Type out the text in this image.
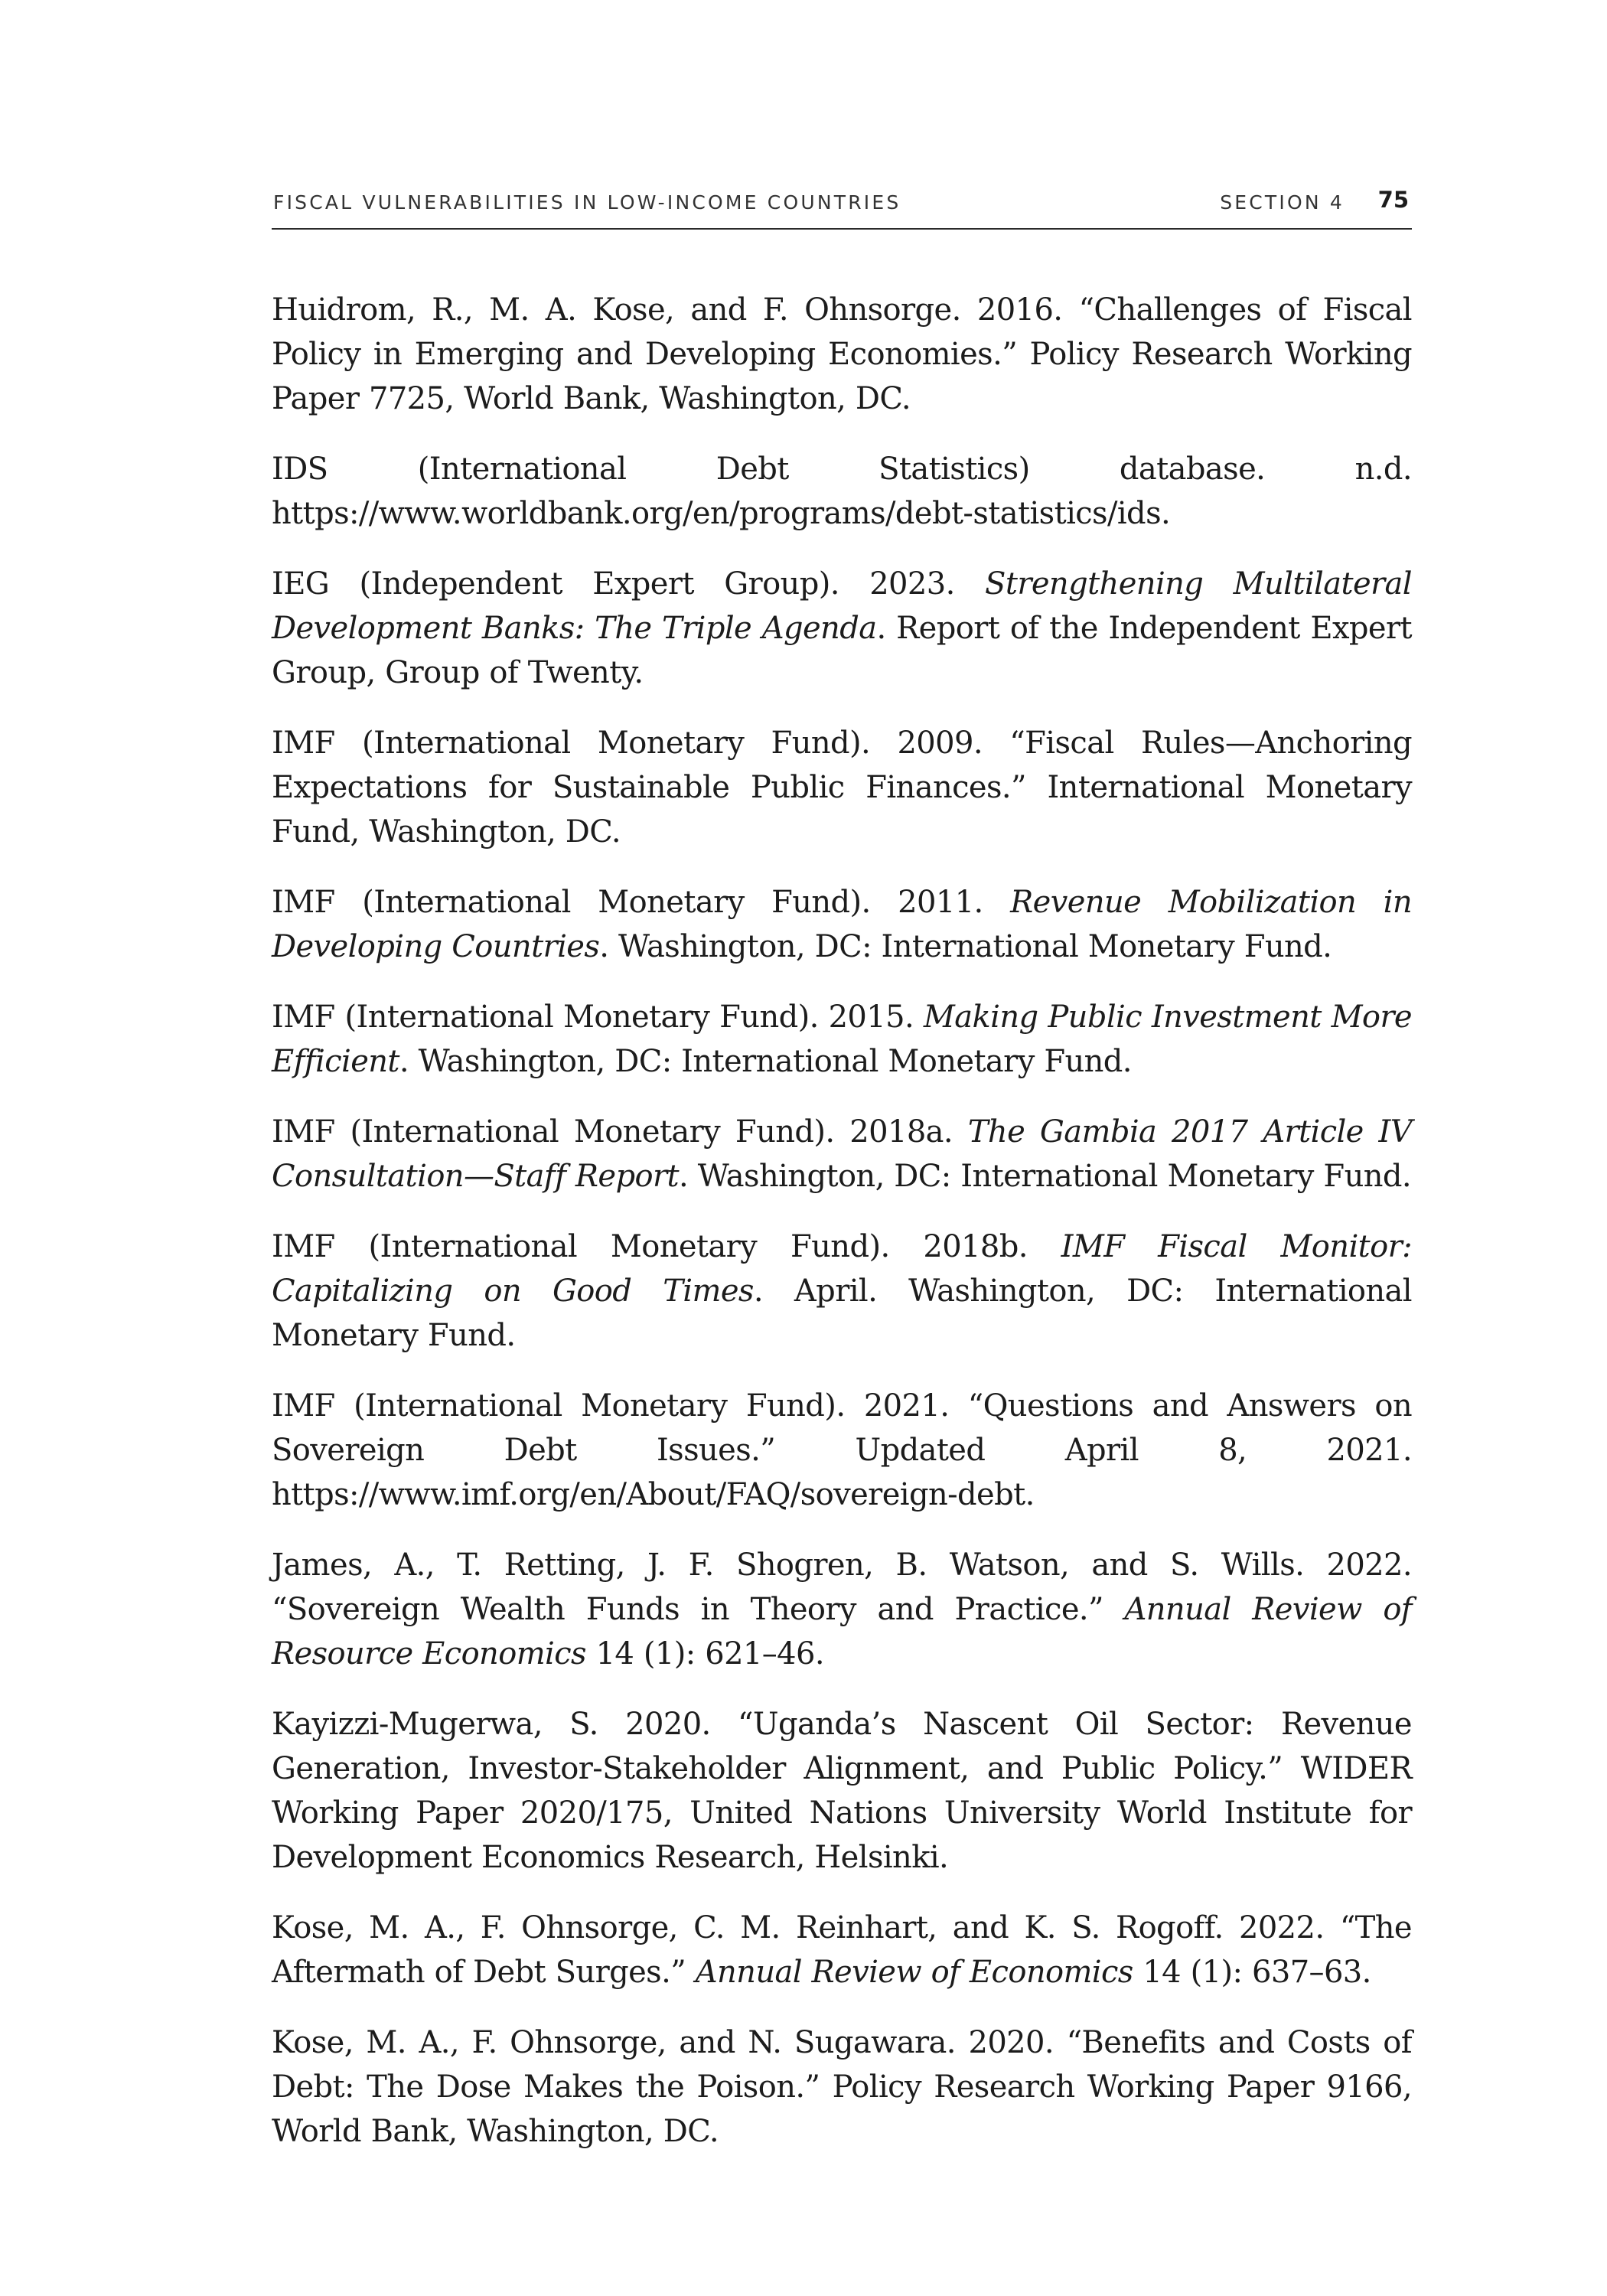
FISCAL VULNERABILITIES IN LOW-INCOME COUNTRIES	SECTION 4 75

Huidrom, R., M. A. Kose, and F. Ohnsorge. 2016. “Challenges of Fiscal Policy in Emerging and Developing Economies.” Policy Research Working Paper 7725, World Bank, Washington, DC.

IDS (International Debt Statistics) database. n.d. https://www.worldbank.org/​en/programs/debt-statistics/ids.

IEG (Independent Expert Group). 2023. Strengthening Multilateral Development Banks: The Triple Agenda. Report of the Independent Expert Group, Group of Twenty.

IMF (International Monetary Fund). 2009. “Fiscal Rules—Anchoring Expectations for Sustainable Public Finances.” International Monetary Fund, Washington, DC.

IMF (International Monetary Fund). 2011. Revenue Mobilization in Developing Countries. Washington, DC: International Monetary Fund.

IMF (International Monetary Fund). 2015. Making Public Investment More Efficient. Washington, DC: International Monetary Fund.

IMF (International Monetary Fund). 2018a. The Gambia 2017 Article IV Consultation—Staff Report. Washington, DC: International Monetary Fund.

IMF (International Monetary Fund). 2018b. IMF Fiscal Monitor: Capitalizing on Good Times. April. Washington, DC: International Monetary Fund.

IMF (International Monetary Fund). 2021. “Questions and Answers on Sovereign Debt Issues.” Updated April 8, 2021. https://www.imf.org/en/About/FAQ/​sovereign-debt.

James, A., T. Retting, J. F. Shogren, B. Watson, and S. Wills. 2022. “Sovereign Wealth Funds in Theory and Practice.” Annual Review of Resource Economics 14 (1): 621–46.

Kayizzi-Mugerwa, S. 2020. “Uganda’s Nascent Oil Sector: Revenue Generation, Investor-Stakeholder Alignment, and Public Policy.” WIDER Working Paper 2020/175, United Nations University World Institute for Development Economics Research, Helsinki.

Kose, M. A., F. Ohnsorge, C. M. Reinhart, and K. S. Rogoff. 2022. “The Aftermath of Debt Surges.” Annual Review of Economics 14 (1): 637–63.

Kose, M. A., F. Ohnsorge, and N. Sugawara. 2020. “Benefits and Costs of Debt: The Dose Makes the Poison.” Policy Research Working Paper 9166, World Bank, Washington, DC.
